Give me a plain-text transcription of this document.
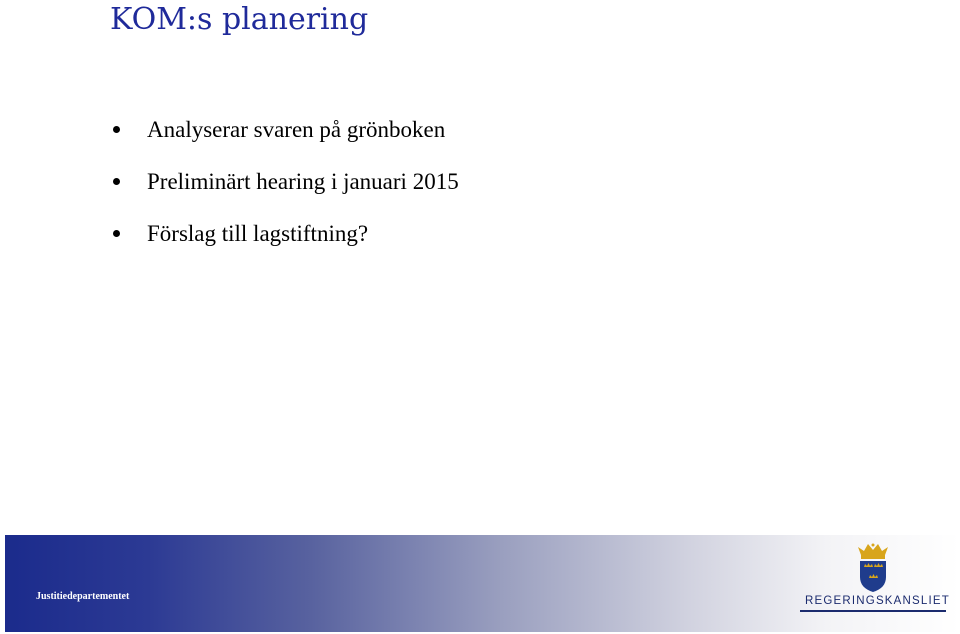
KOM:s planering
Analyserar svaren på grönboken
Preliminärt hearing i januari 2015
Förslag till lagstiftning?
Justitiedepartementet	REGERINGSKANSLIET
